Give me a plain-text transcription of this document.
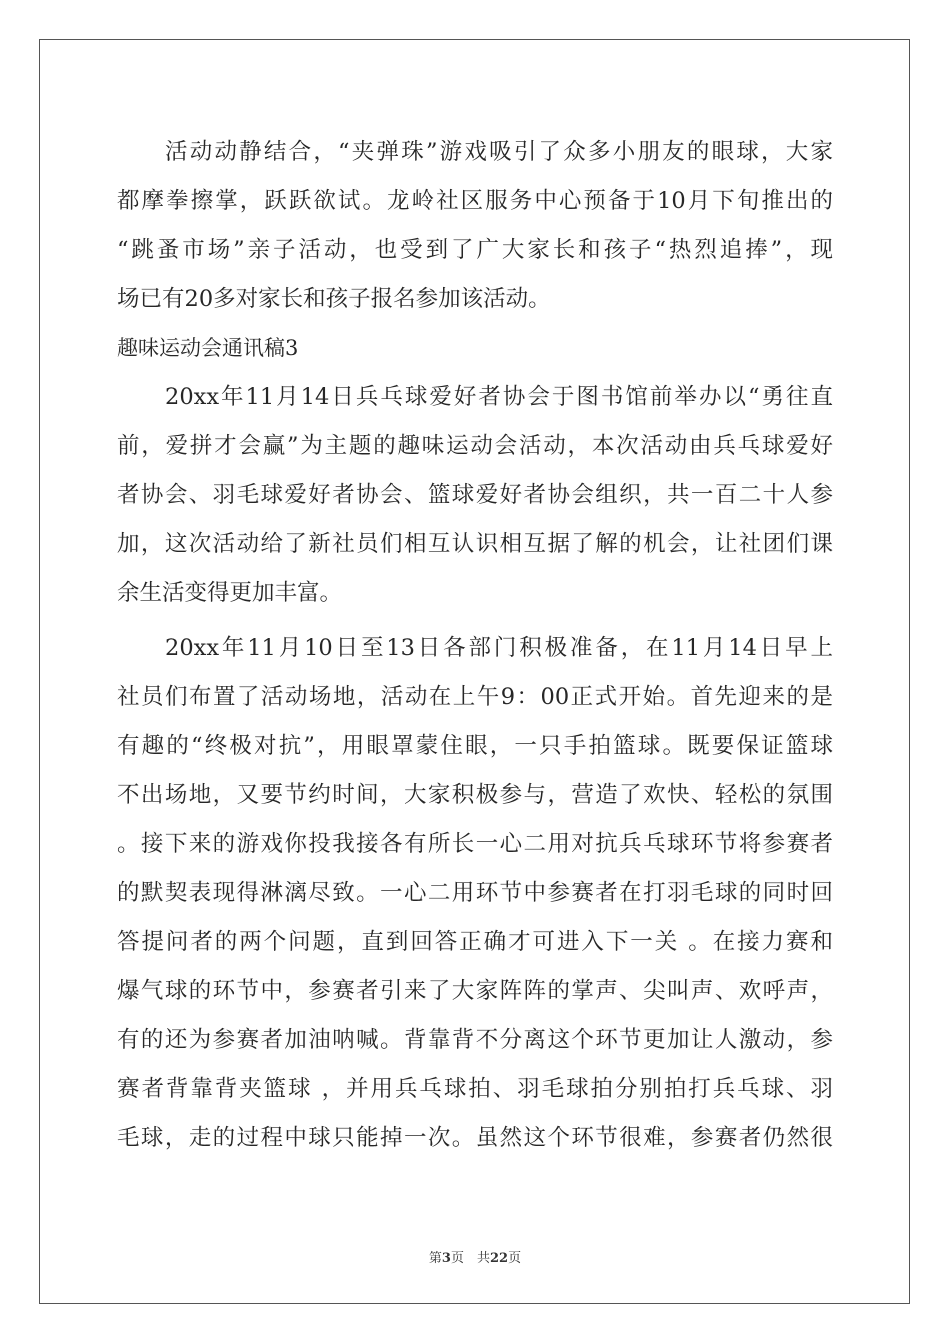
活动动静结合，“夹弹珠”游戏吸引了众多小朋友的眼球，大家
都摩拳擦掌，跃跃欲试。龙岭社区服务中心预备于10月下旬推出的
“跳蚤市场”亲子活动，也受到了广大家长和孩子“热烈追捧”，现
场已有20多对家长和孩子报名参加该活动。
趣味运动会通讯稿3
20xx年11月14日兵乓球爱好者协会于图书馆前举办以“勇往直
前，爱拼才会赢”为主题的趣味运动会活动，本次活动由兵乓球爱好
者协会、羽毛球爱好者协会、篮球爱好者协会组织，共一百二十人参
加，这次活动给了新社员们相互认识相互据了解的机会，让社团们课
余生活变得更加丰富。
20xx年11月10日至13日各部门积极准备，在11月14日早上
社员们布置了活动场地，活动在上午9：00正式开始。首先迎来的是
有趣的“终极对抗”，用眼罩蒙住眼，一只手拍篮球。既要保证篮球
不出场地，又要节约时间，大家积极参与，营造了欢快、轻松的氛围
。接下来的游戏你投我接各有所长一心二用对抗兵乓球环节将参赛者
的默契表现得淋漓尽致。一心二用环节中参赛者在打羽毛球的同时回
答提问者的两个问题，直到回答正确才可进入下一关 。在接力赛和
爆气球的环节中，参赛者引来了大家阵阵的掌声、尖叫声、欢呼声，
有的还为参赛者加油呐喊。背靠背不分离这个环节更加让人激动，参
赛者背靠背夹篮球 ，并用兵乓球拍、羽毛球拍分别拍打兵乓球、羽
毛球，走的过程中球只能掉一次。虽然这个环节很难，参赛者仍然很
第3页　共22页
